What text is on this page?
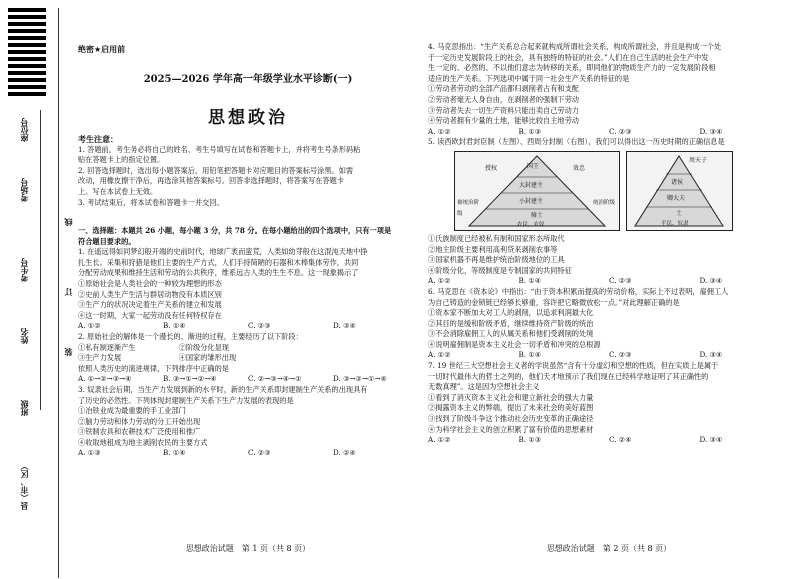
座位号
考场号
线
考生号
订
姓名
装
班级
县（市、区）
绝密★启用前
2025—2026 学年高一年级学业水平诊断(一)
思想政治
考生注意：
1. 答题前，考生务必将自己的姓名、考生号填写在试卷和答题卡上，并将考生号条形码粘
贴在答题卡上的指定位置。
2. 回答选择题时，选出每小题答案后，用铅笔把答题卡对应题目的答案标号涂黑。如需
改动，用橡皮擦干净后，再选涂其他答案标号。回答非选择题时，将答案写在答题卡
上。写在本试卷上无效。
3. 考试结束后，将本试卷和答题卡一并交回。
一、选择题：本题共 26 小题，每小题 3 分，共 78 分。在每小题给出的四个选项中，只有一项是
符合题目要求的。
1. 在遥远得如同梦幻般开端的史前时代，地球广袤而蛮荒，人类如幼芽般在这混沌天地中挣
扎生长。采集和狩猎是他们主要的生产方式，人们手持简陋的石器和木棒集体劳作，共同
分配劳动成果和维持生活和劳动的公共秩序，维系远古人类的生生不息。这一现象揭示了
①原始社会是人类社会的一种较为理想的形态
②史前人类生产生活与群居动物没有本质区别
③生产力的状况决定着生产关系的建立和发展
④这一时期，大家一起劳动没有任何特权存在
A. ①②	B. ①④	C. ②③	D. ③④
2. 原始社会的解体是一个漫长的、渐进的过程，主要经历了以下阶段：
①私有制逐渐产生　　　　　　②阶级分化显现
③生产力发展　　　　　　　　④国家的雏形出现
依照人类历史的演进规律，下列排序中正确的是
A. ①→②→③→④	B. ③→①→②→④	C. ②→③→④→①	D. ③→②→①→④
3. 奴隶社会后期，当生产力发展到新的水平时，新的生产关系即封建制生产关系的出现具有
了历史的必然性。下列体现封建制生产关系下生产力发展的表现的是
①冶铁业成为最重要的手工业部门
②脑力劳动和体力劳动的分工开始出现
③铁制农具和农耕技术广泛使用和推广
④收取地租成为地主剥削农民的主要方式
A. ①③	B. ①④	C. ②③	D. ②④
思想政治试题　第 1 页（共 8 页）
4. 马克思指出：“生产关系总合起来就构成所谓社会关系，构成所谓社会，并且是构成一个处
于一定历史发展阶段上的社会，具有独特的特征的社会。”人们在自己生活的社会生产中发
生一定的、必然的、不以他们意志为转移的关系，即同他们的物质生产力的一定发展阶段相
适应的生产关系。下列选项中属于同一社会生产关系的特征的是
①劳动者劳动的全部产品都归剥削者占有和支配
②劳动者毫无人身自由，在剥削者的强制下劳动
③劳动者失去一切生产资料只能出卖自己劳动力
④劳动者拥有少量的土地，能够比较自主地劳动
A. ①②	B. ①③	C. ②③	D. ③④
5. 读西欧封君封臣制（左图）、西周分封制（右图），我们可以得出这一历史时期的正确信息是
国王
授权	效忠
大封建主
小封建主
骑士
被统治阶级
统治阶级
农民、农奴
周天子
诸侯
卿大夫
士
平民、奴隶
①氏族制度已经被私有制和国家形态所取代
②地主阶级主要利用高利贷来剥削农事等
③国家机器不再是维护统治阶级地位的工具
④阶级分化，等级制度是专制国家的共同特征
A. ①②	B. ①④	C. ②③	D. ③④
6. 马克思在《资本论》中指出：“由于资本积累而提高的劳动价格，实际上不过表明，雇佣工人
为自己铸造的金锁链已经够长够重，容许把它略微放松一点。”对此理解正确的是
①资本家不断加大对工人的剥削，以追求利润最大化
②其目的是缓和阶级矛盾，继续维持资产阶级的统治
③不会消除雇佣工人的从属关系和他们受剥削的处境
④说明雇佣制是资本主义社会一切矛盾和冲突的总根源
A. ①②	B. ①④	C. ②③	D. ③④
7. 19 世纪三大空想社会主义者的学说虽然“含有十分虚幻和空想的性质，但在实质上是属于
一切时代最伟大的哲士之列的，他们天才地预示了我们现在已经科学地证明了其正确性的
无数真理”。这是因为空想社会主义
①看到了消灭资本主义社会和建立新社会的强大力量
②揭露资本主义的弊端，提出了未来社会的美好蓝图
③找到了阶级斗争这个推动社会历史变革的正确途径
④为科学社会主义的创立积累了富有价值的思想素材
A. ①②	B. ①③	C. ②④	D. ③④
思想政治试题　第 2 页（共 8 页）
